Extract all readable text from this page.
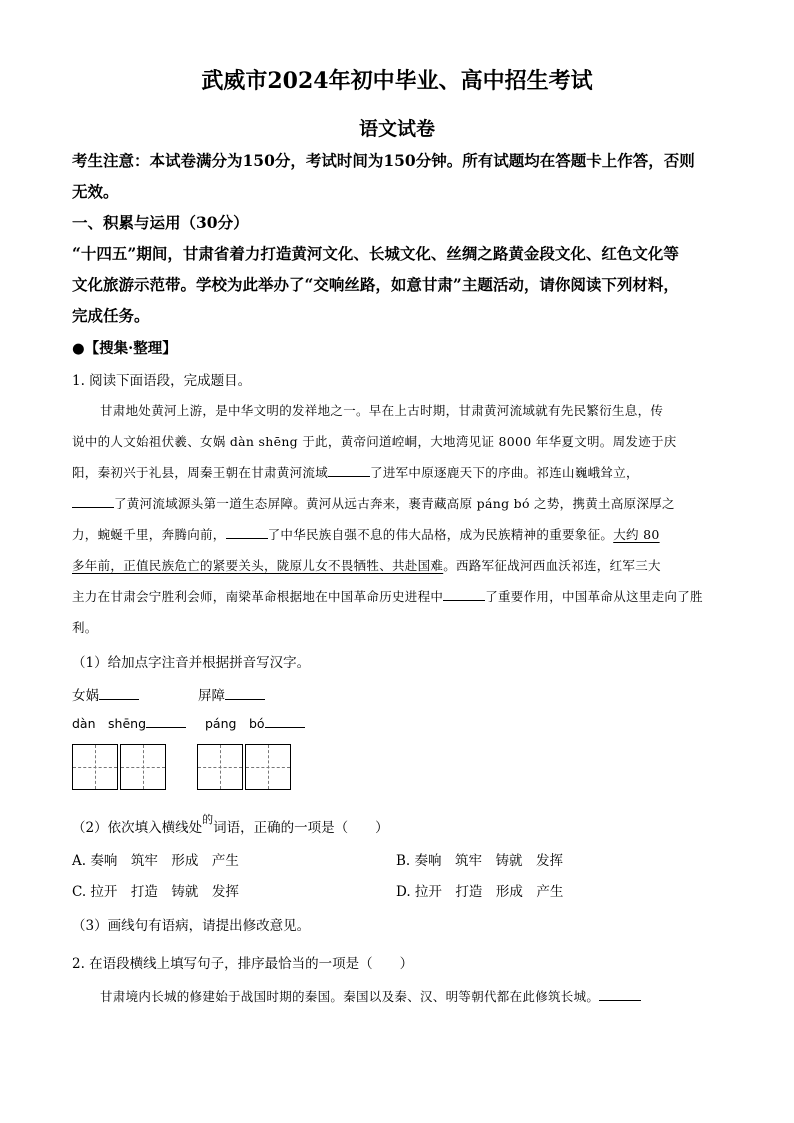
武威市2024年初中毕业、高中招生考试
语文试卷
考生注意：本试卷满分为150分，考试时间为150分钟。所有试题均在答题卡上作答，否则
无效。
一、积累与运用（30分）
“十四五”期间，甘肃省着力打造黄河文化、长城文化、丝绸之路黄金段文化、红色文化等
文化旅游示范带。学校为此举办了“交响丝路，如意甘肃”主题活动，请你阅读下列材料，
完成任务。
●【搜集·整理】
1. 阅读下面语段，完成题目。
甘肃地处黄河上游，是中华文明的发祥地之一。早在上古时期，甘肃黄河流域就有先民繁衍生息，传
说中的人文始祖伏羲、女娲 dàn shēng 于此，黄帝问道崆峒，大地湾见证 8000 年华夏文明。周发迹于庆
阳，秦初兴于礼县，周秦王朝在甘肃黄河流域	了进军中原逐鹿天下的序曲。祁连山巍峨耸立，
了黄河流域源头第一道生态屏障。黄河从远古奔来，裹青藏高原 páng bó 之势，携黄土高原深厚之
力，蜿蜒千里，奔腾向前，	了中华民族自强不息的伟大品格，成为民族精神的重要象征。大约 80
多年前，正值民族危亡的紧要关头，陇原儿女不畏牺牲、共赴国难。西路军征战河西血沃祁连，红军三大
主力在甘肃会宁胜利会师，南梁革命根据地在中国革命历史进程中	了重要作用，中国革命从这里走向了胜
利。
（1）给加点字注音并根据拼音写汉字。
女娲	屏障
dàn　shēng	páng　bó
（2）依次填入横线处$^的$词语，正确的一项是（　　）
A. 奏响　筑牢　形成　产生	B. 奏响　筑牢　铸就　发挥
C. 拉开　打造　铸就　发挥	D. 拉开　打造　形成　产生
（3）画线句有语病，请提出修改意见。
2. 在语段横线上填写句子，排序最恰当的一项是（　　）
甘肃境内长城的修建始于战国时期的秦国。秦国以及秦、汉、明等朝代都在此修筑长城。
